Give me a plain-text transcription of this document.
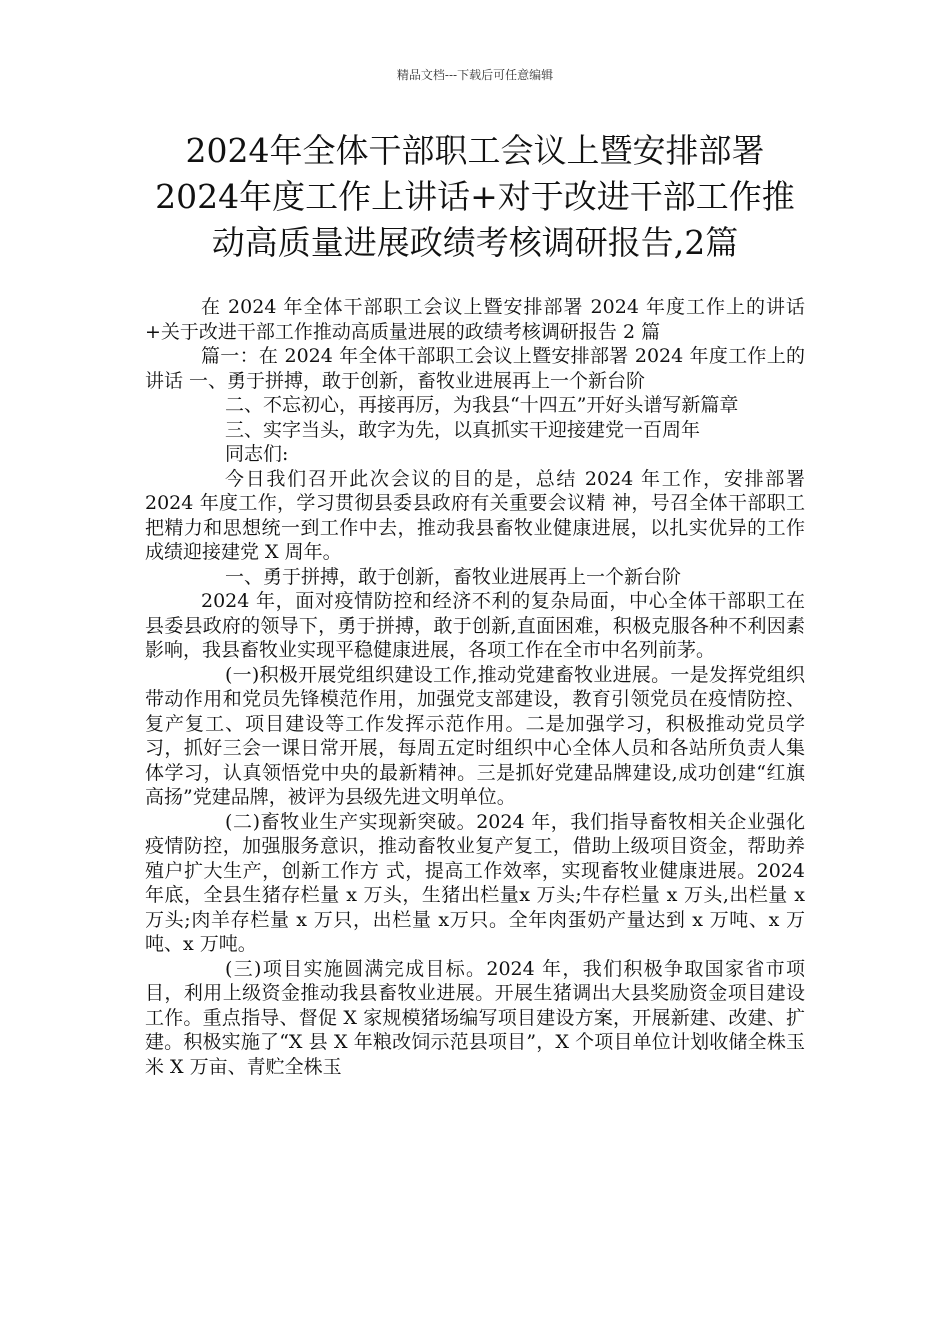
精品文档---下载后可任意编辑
2024年全体干部职工会议上暨安排部署
2024年度工作上讲话+对于改进干部工作推
动高质量进展政绩考核调研报告,2篇

在 2024 年全体干部职工会议上暨安排部署 2024 年度工作上的讲话+关于改进干部工作推动高质量进展的政绩考核调研报告 2 篇

篇一：在 2024 年全体干部职工会议上暨安排部署 2024 年度工作上的讲话 一、勇于拼搏，敢于创新，畜牧业进展再上一个新台阶

二、不忘初心，再接再厉，为我县“十四五”开好头谱写新篇章

三、实字当头，敢字为先，以真抓实干迎接建党一百周年

同志们:

今日我们召开此次会议的目的是，总结 2024 年工作，安排部署 2024 年度工作，学习贯彻县委县政府有关重要会议精 神，号召全体干部职工把精力和思想统一到工作中去，推动我县畜牧业健康进展，以扎实优异的工作成绩迎接建党 X 周年。

一、勇于拼搏，敢于创新，畜牧业进展再上一个新台阶

2024 年，面对疫情防控和经济不利的复杂局面，中心全体干部职工在县委县政府的领导下，勇于拼搏，敢于创新,直面困难，积极克服各种不利因素影响，我县畜牧业实现平稳健康进展，各项工作在全市中名列前茅。

(一)积极开展党组织建设工作,推动党建畜牧业进展。一是发挥党组织带动作用和党员先锋模范作用，加强党支部建设，教育引领党员在疫情防控、复产复工、项目建设等工作发挥示范作用。二是加强学习，积极推动党员学习，抓好三会一课日常开展，每周五定时组织中心全体人员和各站所负责人集体学习，认真领悟党中央的最新精神。三是抓好党建品牌建设,成功创建“红旗高扬”党建品牌，被评为县级先进文明单位。

(二)畜牧业生产实现新突破。2024 年，我们指导畜牧相关企业强化疫情防控，加强服务意识，推动畜牧业复产复工，借助上级项目资金，帮助养殖户扩大生产，创新工作方 式，提高工作效率，实现畜牧业健康进展。2024 年底，全县生猪存栏量 x 万头，生猪出栏量x 万头;牛存栏量 x 万头,出栏量 x 万头;肉羊存栏量 x 万只，出栏量 x万只。全年肉蛋奶产量达到 x 万吨、x 万吨、x 万吨。

(三)项目实施圆满完成目标。2024 年，我们积极争取国家省市项目，利用上级资金推动我县畜牧业进展。开展生猪调出大县奖励资金项目建设工作。重点指导、督促 X 家规模猪场编写项目建设方案，开展新建、改建、扩建。积极实施了“X 县 X 年粮改饲示范县项目”，X 个项目单位计划收储全株玉米 X 万亩、青贮全株玉
